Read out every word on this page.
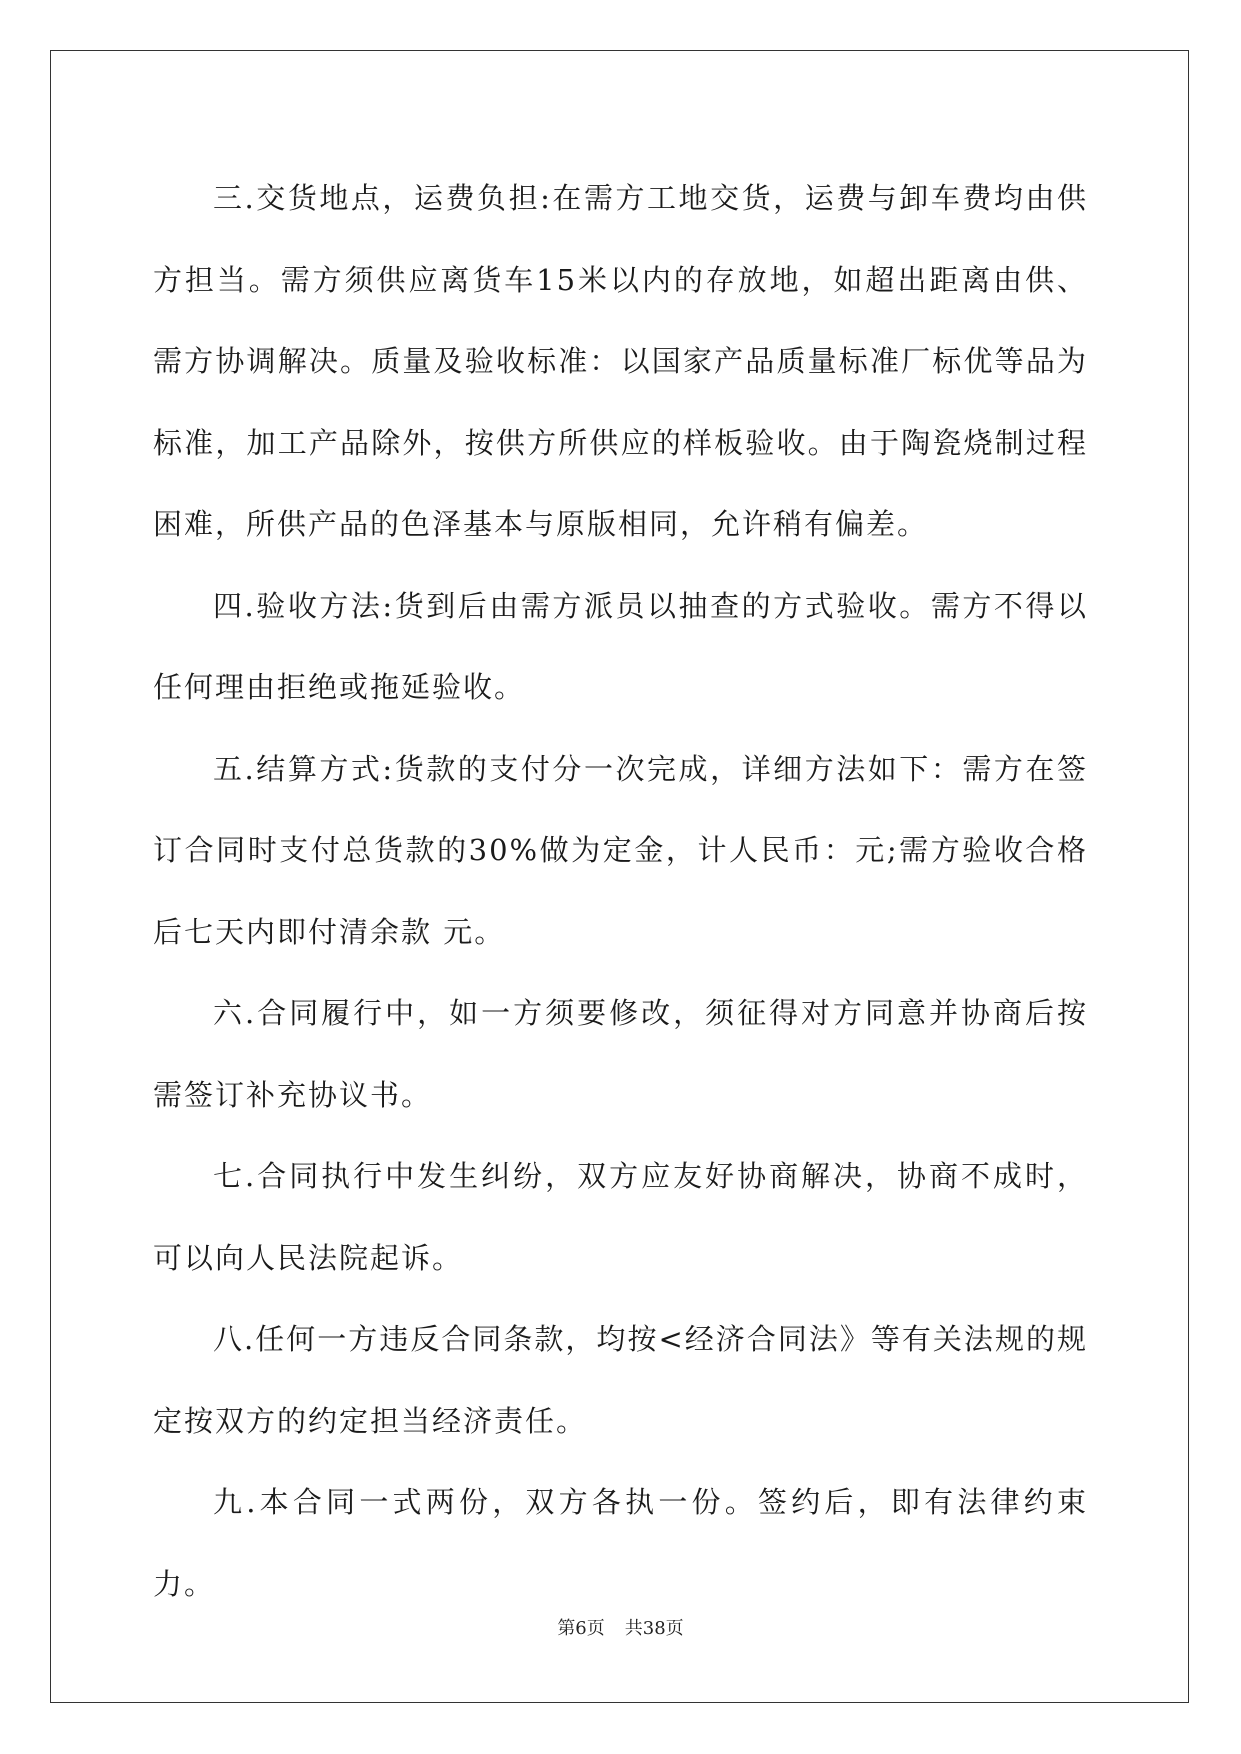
三.交货地点，运费负担:在需方工地交货，运费与卸车费均由供方担当。需方须供应离货车15米以内的存放地，如超出距离由供、需方协调解决。质量及验收标准：以国家产品质量标准厂标优等品为标准，加工产品除外，按供方所供应的样板验收。由于陶瓷烧制过程困难，所供产品的色泽基本与原版相同，允许稍有偏差。

四.验收方法:货到后由需方派员以抽查的方式验收。需方不得以任何理由拒绝或拖延验收。

五.结算方式:货款的支付分一次完成，详细方法如下：需方在签订合同时支付总货款的30%做为定金，计人民币：元;需方验收合格后七天内即付清余款 元。

六.合同履行中，如一方须要修改，须征得对方同意并协商后按需签订补充协议书。

七.合同执行中发生纠纷，双方应友好协商解决，协商不成时，可以向人民法院起诉。

八.任何一方违反合同条款，均按<经济合同法》等有关法规的规定按双方的约定担当经济责任。

九.本合同一式两份，双方各执一份。签约后，即有法律约束力。

第6页 共38页
